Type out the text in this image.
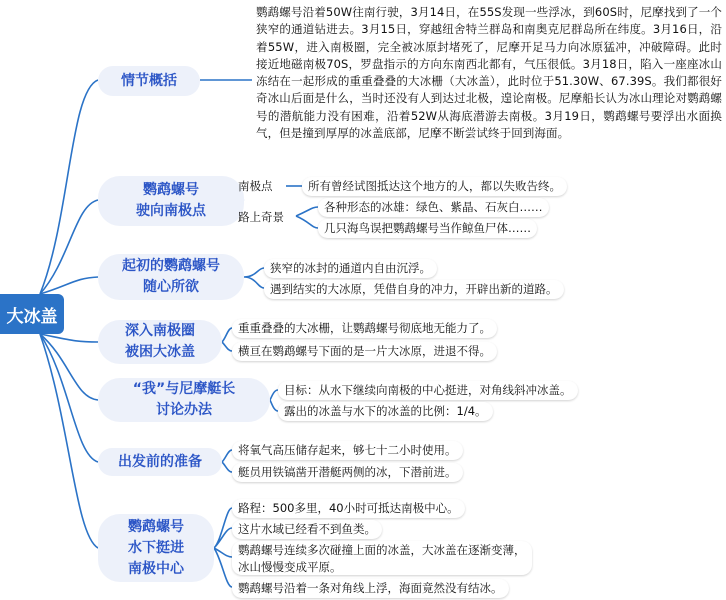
大冰盖
情节概括
鹦鹉螺号沿着50W往南行驶，3月14日，在55S发现一些浮冰，到60S时，尼摩找到了一个狭窄的通道钻进去。3月15日，穿越纽舍特兰群岛和南奥克尼群岛所在纬度。3月16日，沿着55W，进入南极圈，完全被冰原封堵死了，尼摩开足马力向冰原猛冲，冲破障碍。此时接近地磁南极70S，罗盘指示的方向东南西北都有，气压很低。3月18日，陷入一座座冰山冻结在一起形成的重重叠叠的大冰栅（大冰盖），此时位于51.30W、67.39S。我们都很好奇冰山后面是什么，当时还没有人到达过北极，遑论南极。尼摩船长认为冰山理论对鹦鹉螺号的潜航能力没有困难，沿着52W从海底潜游去南极。3月19日，鹦鹉螺号要浮出水面换气，但是撞到厚厚的冰盖底部，尼摩不断尝试终于回到海面。
鹦鹉螺号
驶向南极点
南极点	所有曾经试图抵达这个地方的人，都以失败告终。
路上奇景
各种形态的冰雄：绿色、紫晶、石灰白……
几只海鸟误把鹦鹉螺号当作鲸鱼尸体……
起初的鹦鹉螺号
随心所欲
狭窄的冰封的通道内自由沉浮。
遇到结实的大冰原，凭借自身的冲力，开辟出新的道路。
深入南极圈
被困大冰盖
重重叠叠的大冰栅，让鹦鹉螺号彻底地无能力了。
横亘在鹦鹉螺号下面的是一片大冰原，进退不得。
“我”与尼摩艇长
讨论办法
目标：从水下继续向南极的中心挺进，对角线斜冲冰盖。
露出的冰盖与水下的冰盖的比例：1/4。
出发前的准备
将氧气高压储存起来，够七十二小时使用。
艇员用铁镐凿开潜艇两侧的冰，下潜前进。
鹦鹉螺号
水下挺进
南极中心
路程：500多里，40小时可抵达南极中心。
这片水域已经看不到鱼类。
鹦鹉螺号连续多次碰撞上面的冰盖，大冰盖在逐渐变薄，
冰山慢慢变成平原。
鹦鹉螺号沿着一条对角线上浮，海面竟然没有结冰。
